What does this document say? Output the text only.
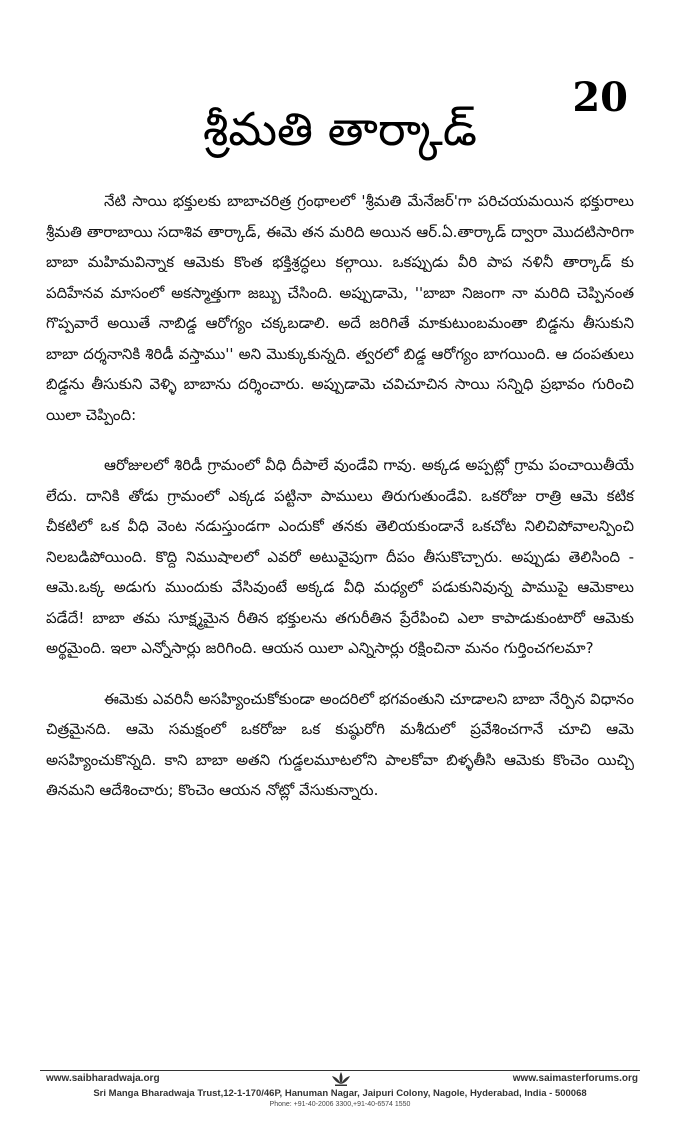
20
శ్రీమతి తార్కాడ్

నేటి సాయి భక్తులకు బాబాచరిత్ర గ్రంథాలలో 'శ్రీమతి మేనేజర్'గా పరిచయమయిన భక్తురాలు శ్రీమతి తారాబాయి సదాశివ తార్కాడ్, ఈమె తన మరిది అయిన ఆర్.ఏ.తార్కాడ్ ద్వారా మొదటిసారిగా బాబా మహిమవిన్నాక ఆమెకు కొంత భక్తిశ్రద్ధలు కల్గాయి. ఒకప్పుడు వీరి పాప నళినీ తార్కాడ్ కు పదిహేనవ మాసంలో అకస్మాత్తుగా జబ్బు చేసింది. అప్పుడామె, ''బాబా నిజంగా నా మరిది చెప్పినంత గొప్పవారే అయితే నాబిడ్డ ఆరోగ్యం చక్కబడాలి. అదే జరిగితే మాకుటుంబమంతా బిడ్డను తీసుకుని బాబా దర్శనానికి శిరిడీ వస్తాము'' అని మొక్కుకున్నది. త్వరలో బిడ్డ ఆరోగ్యం బాగయింది. ఆ దంపతులు బిడ్డను తీసుకుని వెళ్ళి బాబాను దర్శించారు. అప్పుడామె చవిచూచిన సాయి సన్నిధి ప్రభావం గురించి యిలా చెప్పింది:

ఆరోజులలో శిరిడీ గ్రామంలో వీధి దీపాలే వుండేవి గావు. అక్కడ అప్పట్లో గ్రామ పంచాయితీయే లేదు. దానికి తోడు గ్రామంలో ఎక్కడ పట్టినా పాములు తిరుగుతుండేవి. ఒకరోజు రాత్రి ఆమె కటిక చీకటిలో ఒక వీధి వెంట నడుస్తుండగా ఎందుకో తనకు తెలియకుండానే ఒకచోట నిలిచిపోవాలన్పించి నిలబడిపోయింది. కొద్ది నిముషాలలో ఎవరో అటువైపుగా దీపం తీసుకొచ్చారు. అప్పుడు తెలిసింది - ఆమె.ఒక్క అడుగు ముందుకు వేసివుంటే అక్కడ వీధి మధ్యలో పడుకునివున్న పాముపై ఆమెకాలు పడేదే! బాబా తమ సూక్ష్మమైన రీతిన భక్తులను తగురీతిన ప్రేరేపించి ఎలా కాపాడుకుంటారో ఆమెకు అర్థమైంది. ఇలా ఎన్నోసార్లు జరిగింది. ఆయన యిలా ఎన్నిసార్లు రక్షించినా మనం గుర్తించగలమా?

ఈమెకు ఎవరినీ అసహ్యించుకోకుండా అందరిలో భగవంతుని చూడాలని బాబా నేర్పిన విధానం చిత్రమైనది. ఆమె సమక్షంలో ఒకరోజు ఒక కుష్ఠురోగి మశీదులో ప్రవేశించగానే చూచి ఆమె అసహ్యించుకొన్నది. కాని బాబా అతని గుడ్డలమూటలోని పాలకోవా బిళ్ళతీసి ఆమెకు కొంచెం యిచ్చి తినమని ఆదేశించారు; కొంచెం ఆయన నోట్లో వేసుకున్నారు.

www.saibharadwaja.org	www.saimasterforums.org
Sri Manga Bharadwaja Trust,12-1-170/46P, Hanuman Nagar, Jaipuri Colony, Nagole, Hyderabad, India - 500068
Phone: +91-40-2006 3300,+91-40-6574 1550
